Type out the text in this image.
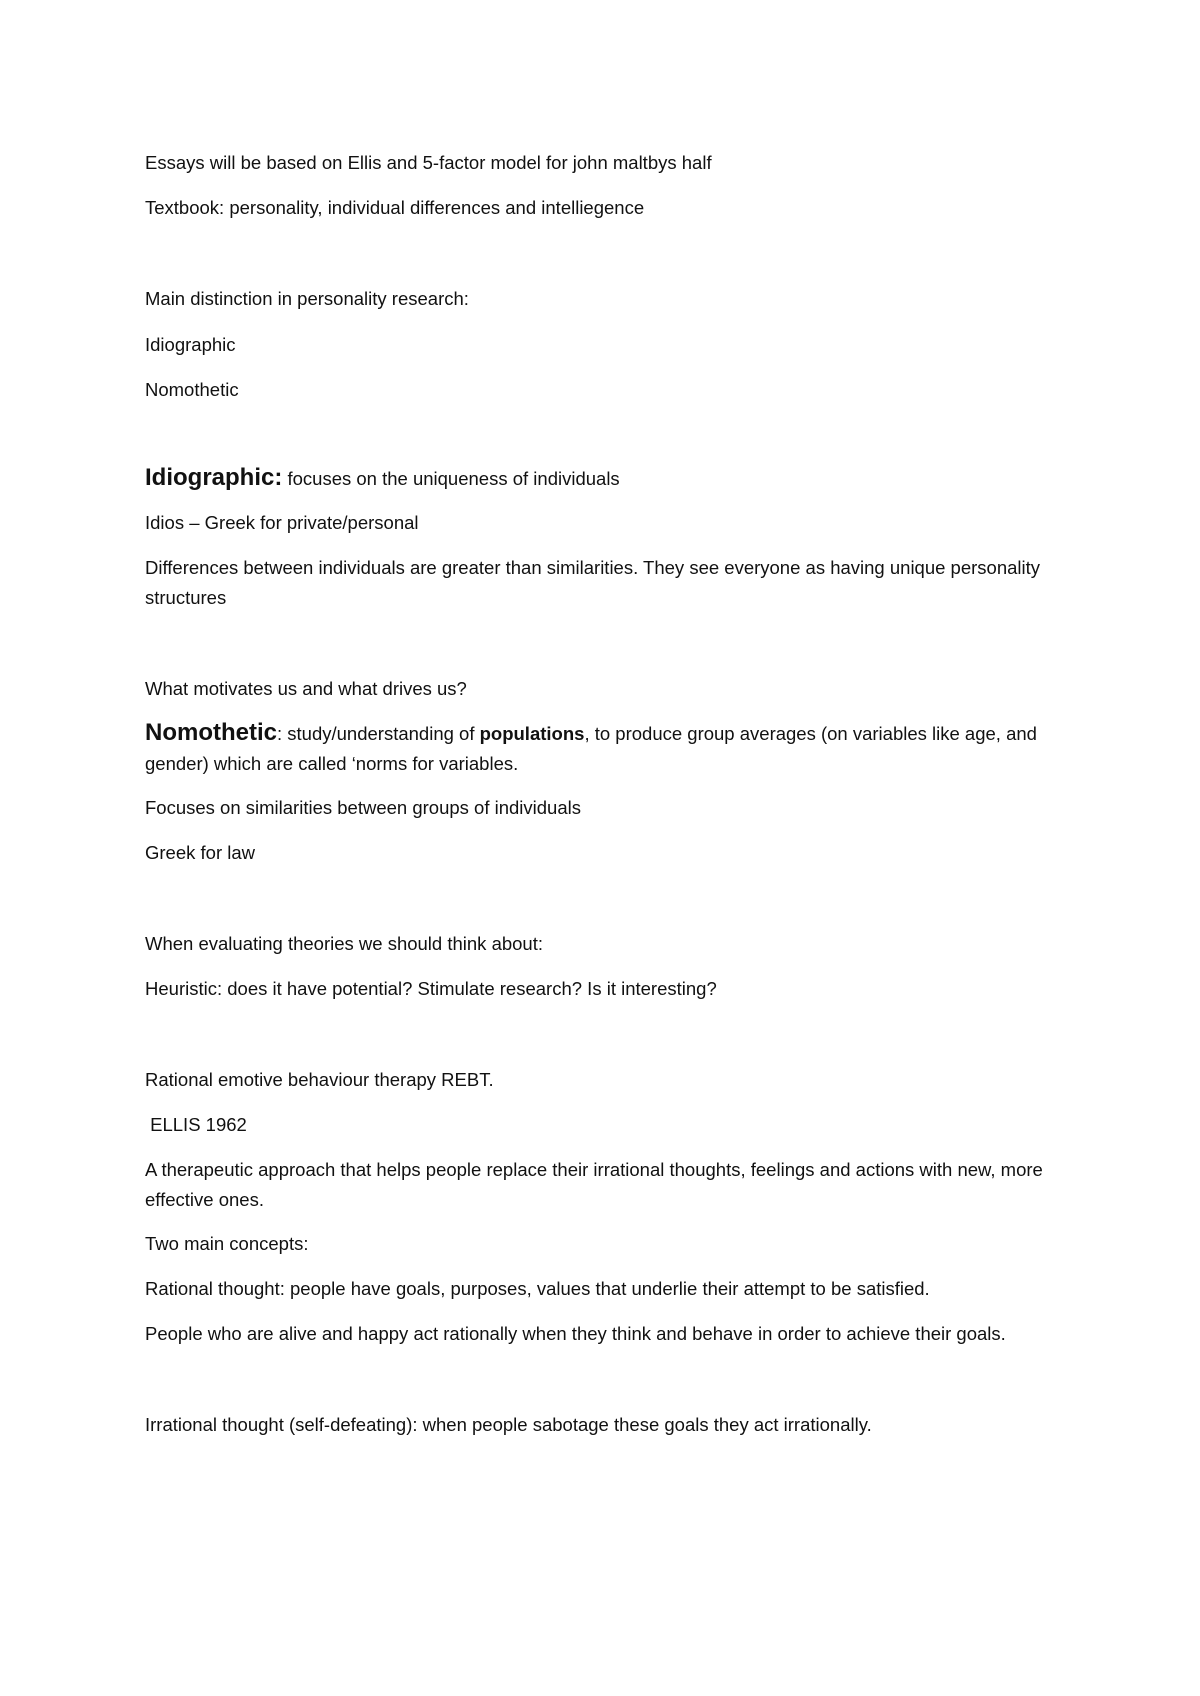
Essays will be based on Ellis and 5-factor model for john maltbys half

Textbook: personality, individual differences and intelliegence

Main distinction in personality research:

Idiographic

Nomothetic

Idiographic: focuses on the uniqueness of individuals

Idios – Greek for private/personal

Differences between individuals are greater than similarities. They see everyone as having unique personality structures

What motivates us and what drives us?

Nomothetic: study/understanding of populations, to produce group averages (on variables like age, and gender) which are called ‘norms for variables.

Focuses on similarities between groups of individuals

Greek for law

When evaluating theories we should think about:

Heuristic: does it have potential? Stimulate research? Is it interesting?

Rational emotive behaviour therapy REBT.

ELLIS 1962

A therapeutic approach that helps people replace their irrational thoughts, feelings and actions with new, more effective ones.

Two main concepts:

Rational thought: people have goals, purposes, values that underlie their attempt to be satisfied.

People who are alive and happy act rationally when they think and behave in order to achieve their goals.

Irrational thought (self-defeating): when people sabotage these goals they act irrationally.
